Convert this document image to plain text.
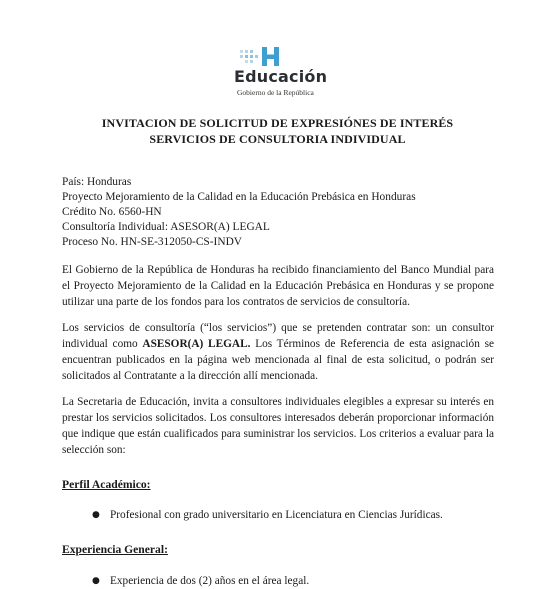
Educación
Gobierno de la República
INVITACION DE SOLICITUD DE EXPRESIÓNES DE INTERÉS
SERVICIOS DE CONSULTORIA INDIVIDUAL
País: Honduras
Proyecto Mejoramiento de la Calidad en la Educación Prebásica en Honduras
Crédito No. 6560-HN
Consultoría Individual: ASESOR(A) LEGAL
Proceso No. HN-SE-312050-CS-INDV
El Gobierno de la República de Honduras ha recibido financiamiento del Banco Mundial para el Proyecto Mejoramiento de la Calidad en la Educación Prebásica en Honduras y se propone utilizar una parte de los fondos para los contratos de servicios de consultoría.
Los servicios de consultoría (“los servicios”) que se pretenden contratar son: un consultor individual como ASESOR(A) LEGAL. Los Términos de Referencia de esta asignación se encuentran publicados en la página web mencionada al final de esta solicitud, o podrán ser solicitados al Contratante a la dirección allí mencionada.
La Secretaria de Educación, invita a consultores individuales elegibles a expresar su interés en prestar los servicios solicitados. Los consultores interesados deberán proporcionar información que indique que están cualificados para suministrar los servicios. Los criterios a evaluar para la selección son:
Perfil Académico:
● Profesional con grado universitario en Licenciatura en Ciencias Jurídicas.
Experiencia General:
● Experiencia de dos (2) años en el área legal.
